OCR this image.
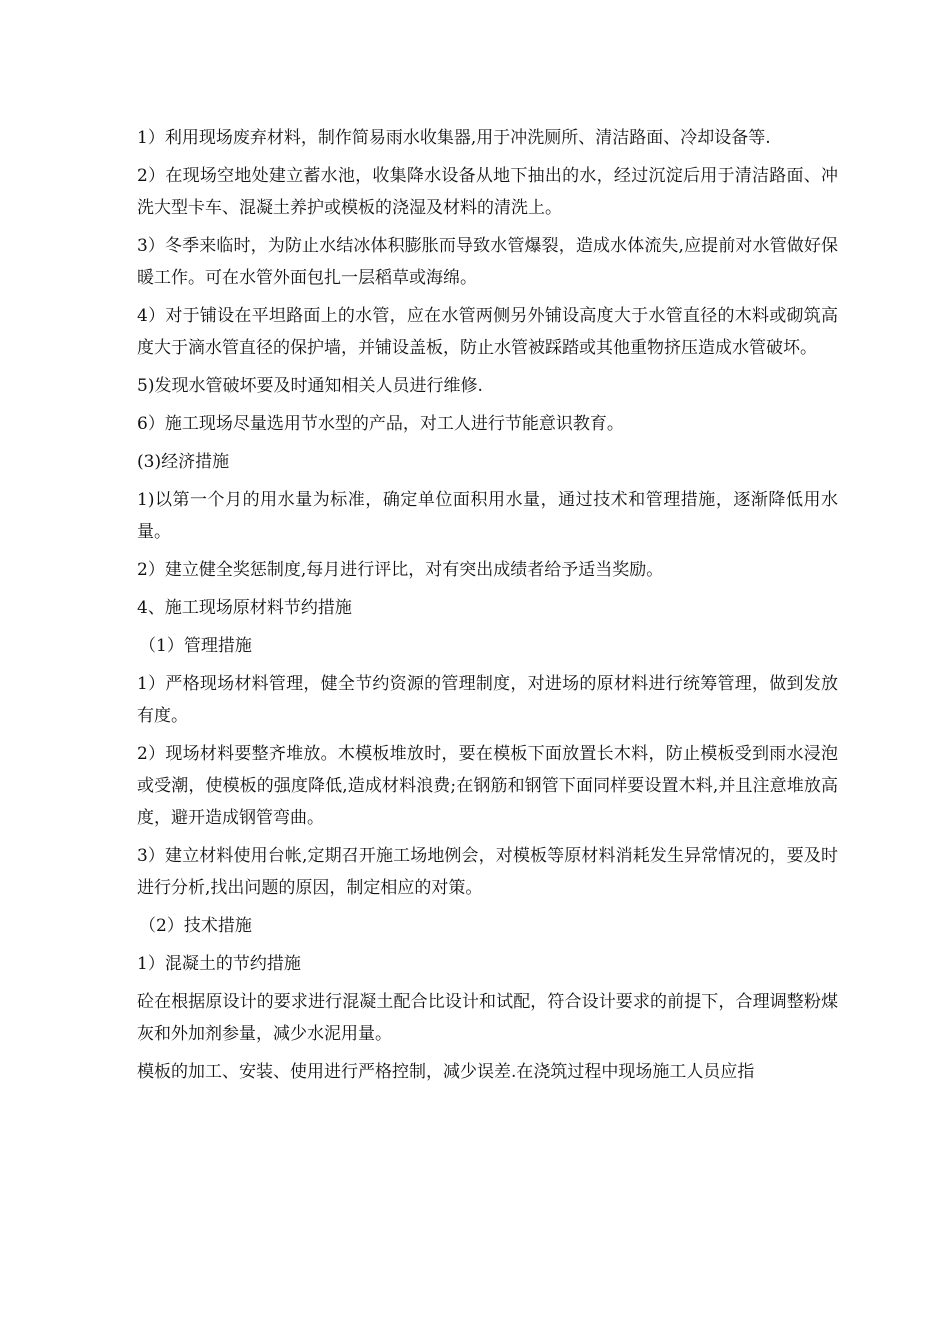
1）利用现场废弃材料，制作简易雨水收集器,用于冲洗厕所、清洁路面、冷却设备等.

2）在现场空地处建立蓄水池，收集降水设备从地下抽出的水，经过沉淀后用于清洁路面、冲洗大型卡车、混凝土养护或模板的浇湿及材料的清洗上。

3）冬季来临时，为防止水结冰体积膨胀而导致水管爆裂，造成水体流失,应提前对水管做好保暖工作。可在水管外面包扎一层稻草或海绵。

4）对于铺设在平坦路面上的水管，应在水管两侧另外铺设高度大于水管直径的木料或砌筑高度大于滴水管直径的保护墙，并铺设盖板，防止水管被踩踏或其他重物挤压造成水管破坏。

5)发现水管破坏要及时通知相关人员进行维修.

6）施工现场尽量选用节水型的产品，对工人进行节能意识教育。

(3)经济措施

1)以第一个月的用水量为标准，确定单位面积用水量，通过技术和管理措施，逐渐降低用水量。

2）建立健全奖惩制度,每月进行评比，对有突出成绩者给予适当奖励。

4、施工现场原材料节约措施

（1）管理措施

1）严格现场材料管理，健全节约资源的管理制度，对进场的原材料进行统筹管理，做到发放有度。

2）现场材料要整齐堆放。木模板堆放时，要在模板下面放置长木料，防止模板受到雨水浸泡或受潮，使模板的强度降低,造成材料浪费;在钢筋和钢管下面同样要设置木料,并且注意堆放高度，避开造成钢管弯曲。

3）建立材料使用台帐,定期召开施工场地例会，对模板等原材料消耗发生异常情况的，要及时进行分析,找出问题的原因，制定相应的对策。

（2）技术措施

1）混凝土的节约措施

砼在根据原设计的要求进行混凝土配合比设计和试配，符合设计要求的前提下，合理调整粉煤灰和外加剂参量，减少水泥用量。

模板的加工、安装、使用进行严格控制，减少误差.在浇筑过程中现场施工人员应指
